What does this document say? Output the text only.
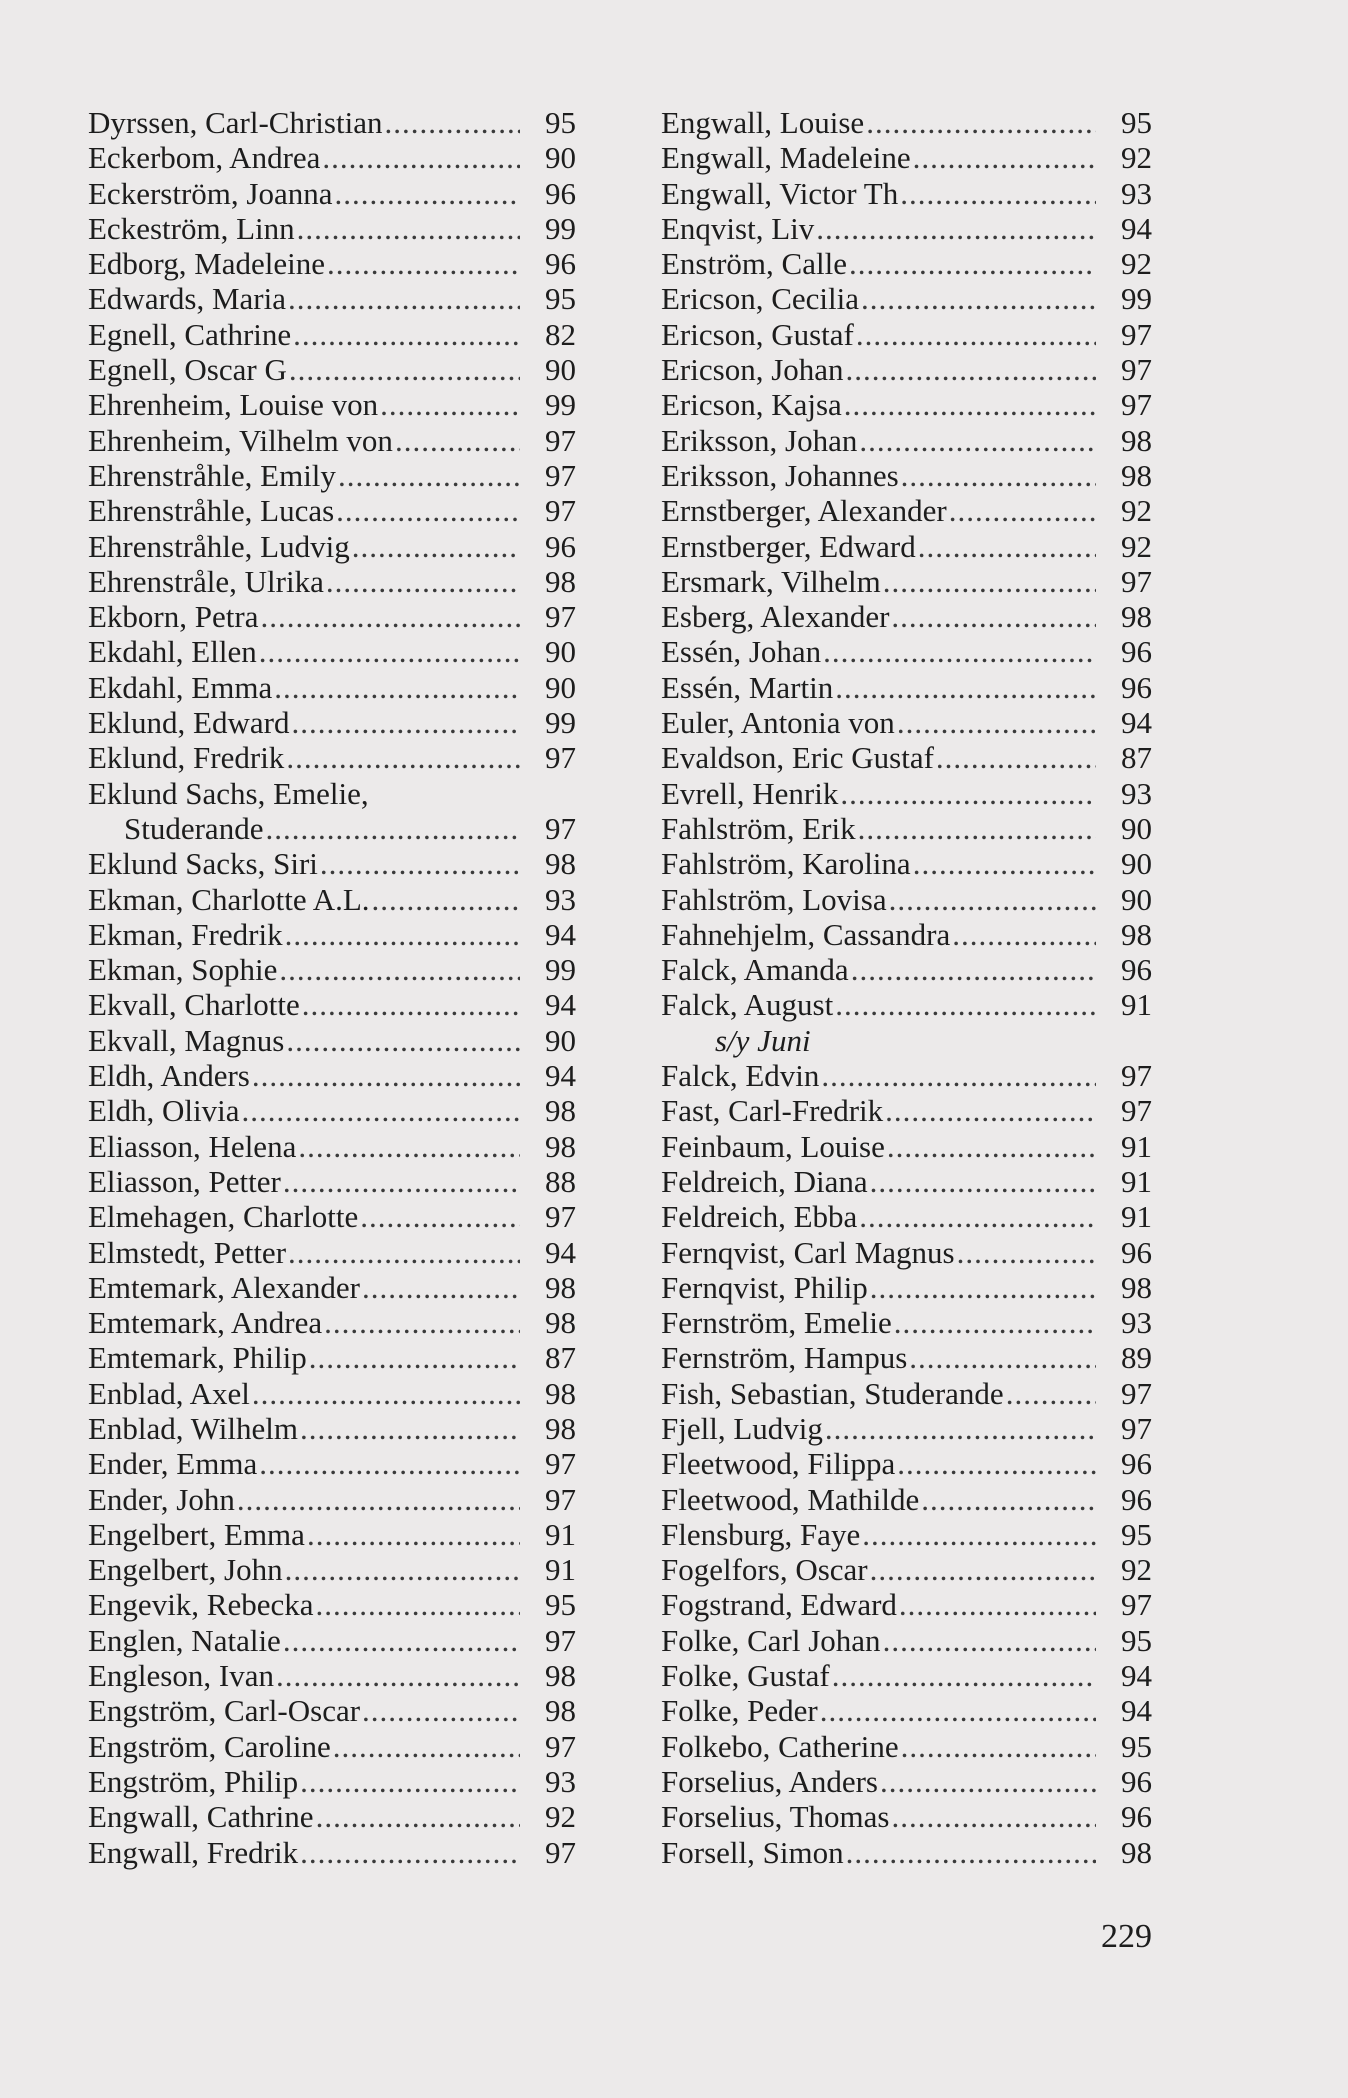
Dyrssen, Carl-Christian .....	95
Eckerbom, Andrea .....	90
Eckerström, Joanna .....	96
Eckeström, Linn .....	99
Edborg, Madeleine .....	96
Edwards, Maria .....	95
Egnell, Cathrine .....	82
Egnell, Oscar G .....	90
Ehrenheim, Louise von .....	99
Ehrenheim, Vilhelm von .....	97
Ehrenstråhle, Emily .....	97
Ehrenstråhle, Lucas .....	97
Ehrenstråhle, Ludvig .....	96
Ehrenstråle, Ulrika .....	98
Ekborn, Petra .....	97
Ekdahl, Ellen .....	90
Ekdahl, Emma .....	90
Eklund, Edward .....	99
Eklund, Fredrik .....	97
Eklund Sachs, Emelie,
Studerande .....	97
Eklund Sacks, Siri .....	98
Ekman, Charlotte A.L. .....	93
Ekman, Fredrik .....	94
Ekman, Sophie .....	99
Ekvall, Charlotte .....	94
Ekvall, Magnus .....	90
Eldh, Anders .....	94
Eldh, Olivia .....	98
Eliasson, Helena .....	98
Eliasson, Petter .....	88
Elmehagen, Charlotte .....	97
Elmstedt, Petter .....	94
Emtemark, Alexander .....	98
Emtemark, Andrea .....	98
Emtemark, Philip .....	87
Enblad, Axel .....	98
Enblad, Wilhelm .....	98
Ender, Emma .....	97
Ender, John .....	97
Engelbert, Emma .....	91
Engelbert, John .....	91
Engevik, Rebecka .....	95
Englen, Natalie .....	97
Engleson, Ivan .....	98
Engström, Carl-Oscar .....	98
Engström, Caroline .....	97
Engström, Philip .....	93
Engwall, Cathrine .....	92
Engwall, Fredrik .....	97
Engwall, Louise .....	95
Engwall, Madeleine .....	92
Engwall, Victor Th .....	93
Enqvist, Liv .....	94
Enström, Calle .....	92
Ericson, Cecilia .....	99
Ericson, Gustaf .....	97
Ericson, Johan .....	97
Ericson, Kajsa .....	97
Eriksson, Johan .....	98
Eriksson, Johannes .....	98
Ernstberger, Alexander .....	92
Ernstberger, Edward .....	92
Ersmark, Vilhelm .....	97
Esberg, Alexander .....	98
Essén, Johan .....	96
Essén, Martin .....	96
Euler, Antonia von .....	94
Evaldson, Eric Gustaf .....	87
Evrell, Henrik .....	93
Fahlström, Erik .....	90
Fahlström, Karolina .....	90
Fahlström, Lovisa .....	90
Fahnehjelm, Cassandra .....	98
Falck, Amanda .....	96
Falck, August .....	91
s/y Juni
Falck, Edvin .....	97
Fast, Carl-Fredrik .....	97
Feinbaum, Louise .....	91
Feldreich, Diana .....	91
Feldreich, Ebba .....	91
Fernqvist, Carl Magnus .....	96
Fernqvist, Philip .....	98
Fernström, Emelie .....	93
Fernström, Hampus .....	89
Fish, Sebastian, Studerande .....	97
Fjell, Ludvig .....	97
Fleetwood, Filippa .....	96
Fleetwood, Mathilde .....	96
Flensburg, Faye .....	95
Fogelfors, Oscar .....	92
Fogstrand, Edward .....	97
Folke, Carl Johan .....	95
Folke, Gustaf .....	94
Folke, Peder .....	94
Folkebo, Catherine .....	95
Forselius, Anders .....	96
Forselius, Thomas .....	96
Forsell, Simon .....	98
229
